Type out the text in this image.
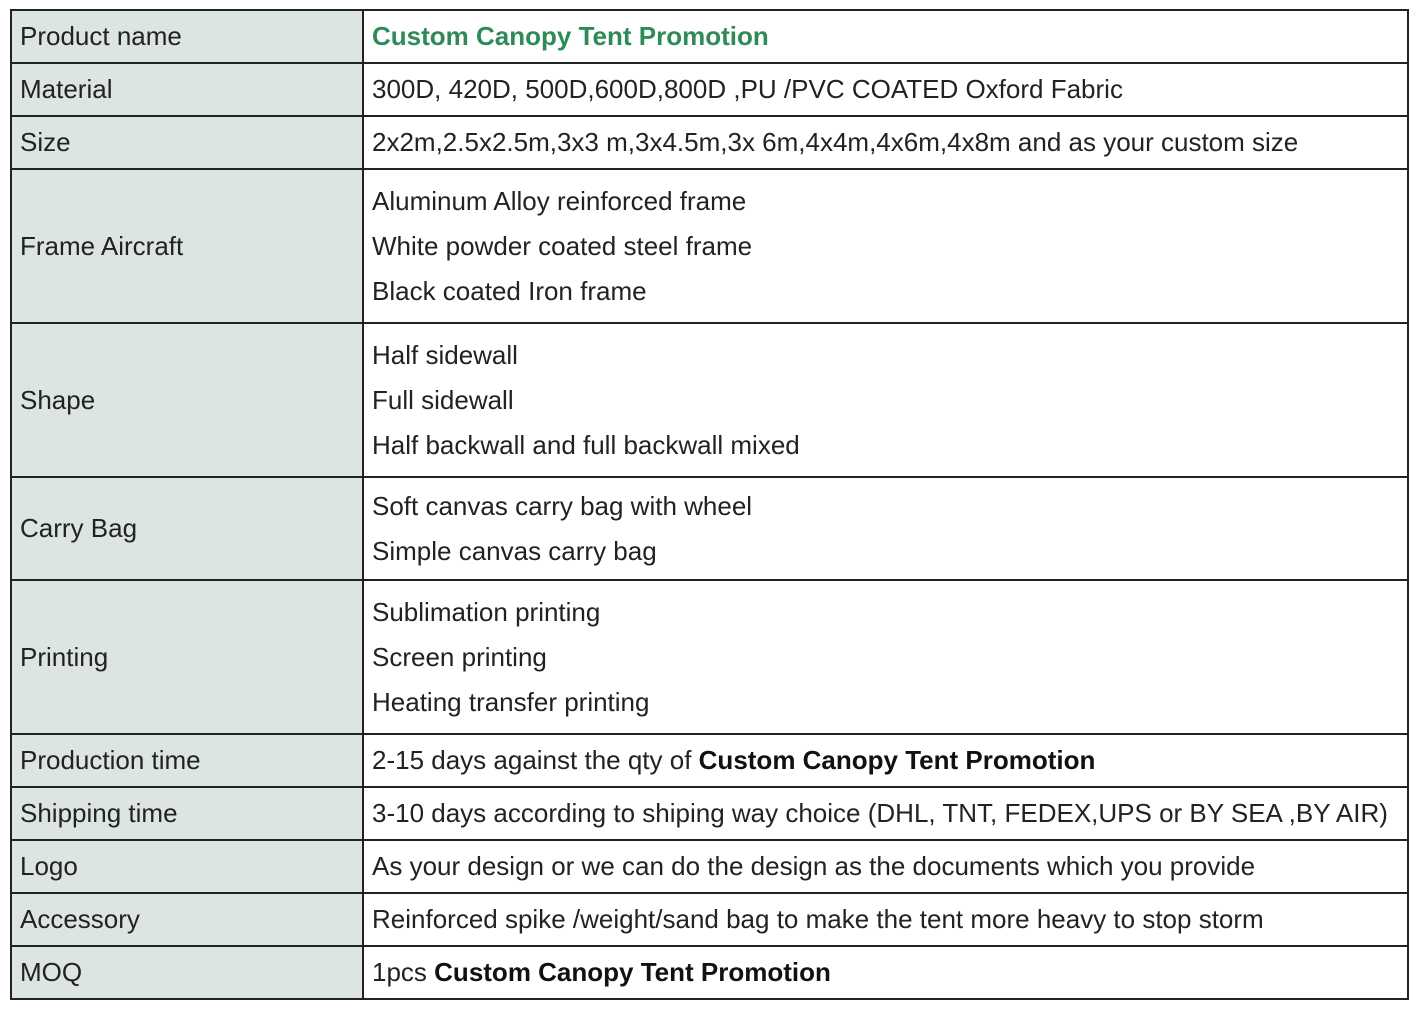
Product name	Custom Canopy Tent Promotion
Material	300D, 420D, 500D,600D,800D ,PU /PVC COATED Oxford Fabric
Size	2x2m,2.5x2.5m,3x3 m,3x4.5m,3x 6m,4x4m,4x6m,4x8m and as your custom size
Frame Aircraft	Aluminum Alloy reinforced frame
White powder coated steel frame
Black coated Iron frame

Shape	Half sidewall
Full sidewall
Half backwall and full backwall mixed

Carry Bag	Soft canvas carry bag with wheel
Simple canvas carry bag

Printing	Sublimation printing
Screen printing
Heating transfer printing

Production time	2-15 days against the qty of Custom Canopy Tent Promotion
Shipping time	3-10 days according to shiping way choice (DHL, TNT, FEDEX,UPS or BY SEA ,BY AIR)
Logo	As your design or we can do the design as the documents which you provide
Accessory	Reinforced spike /weight/sand bag to make the tent more heavy to stop storm
MOQ	1pcs Custom Canopy Tent Promotion
